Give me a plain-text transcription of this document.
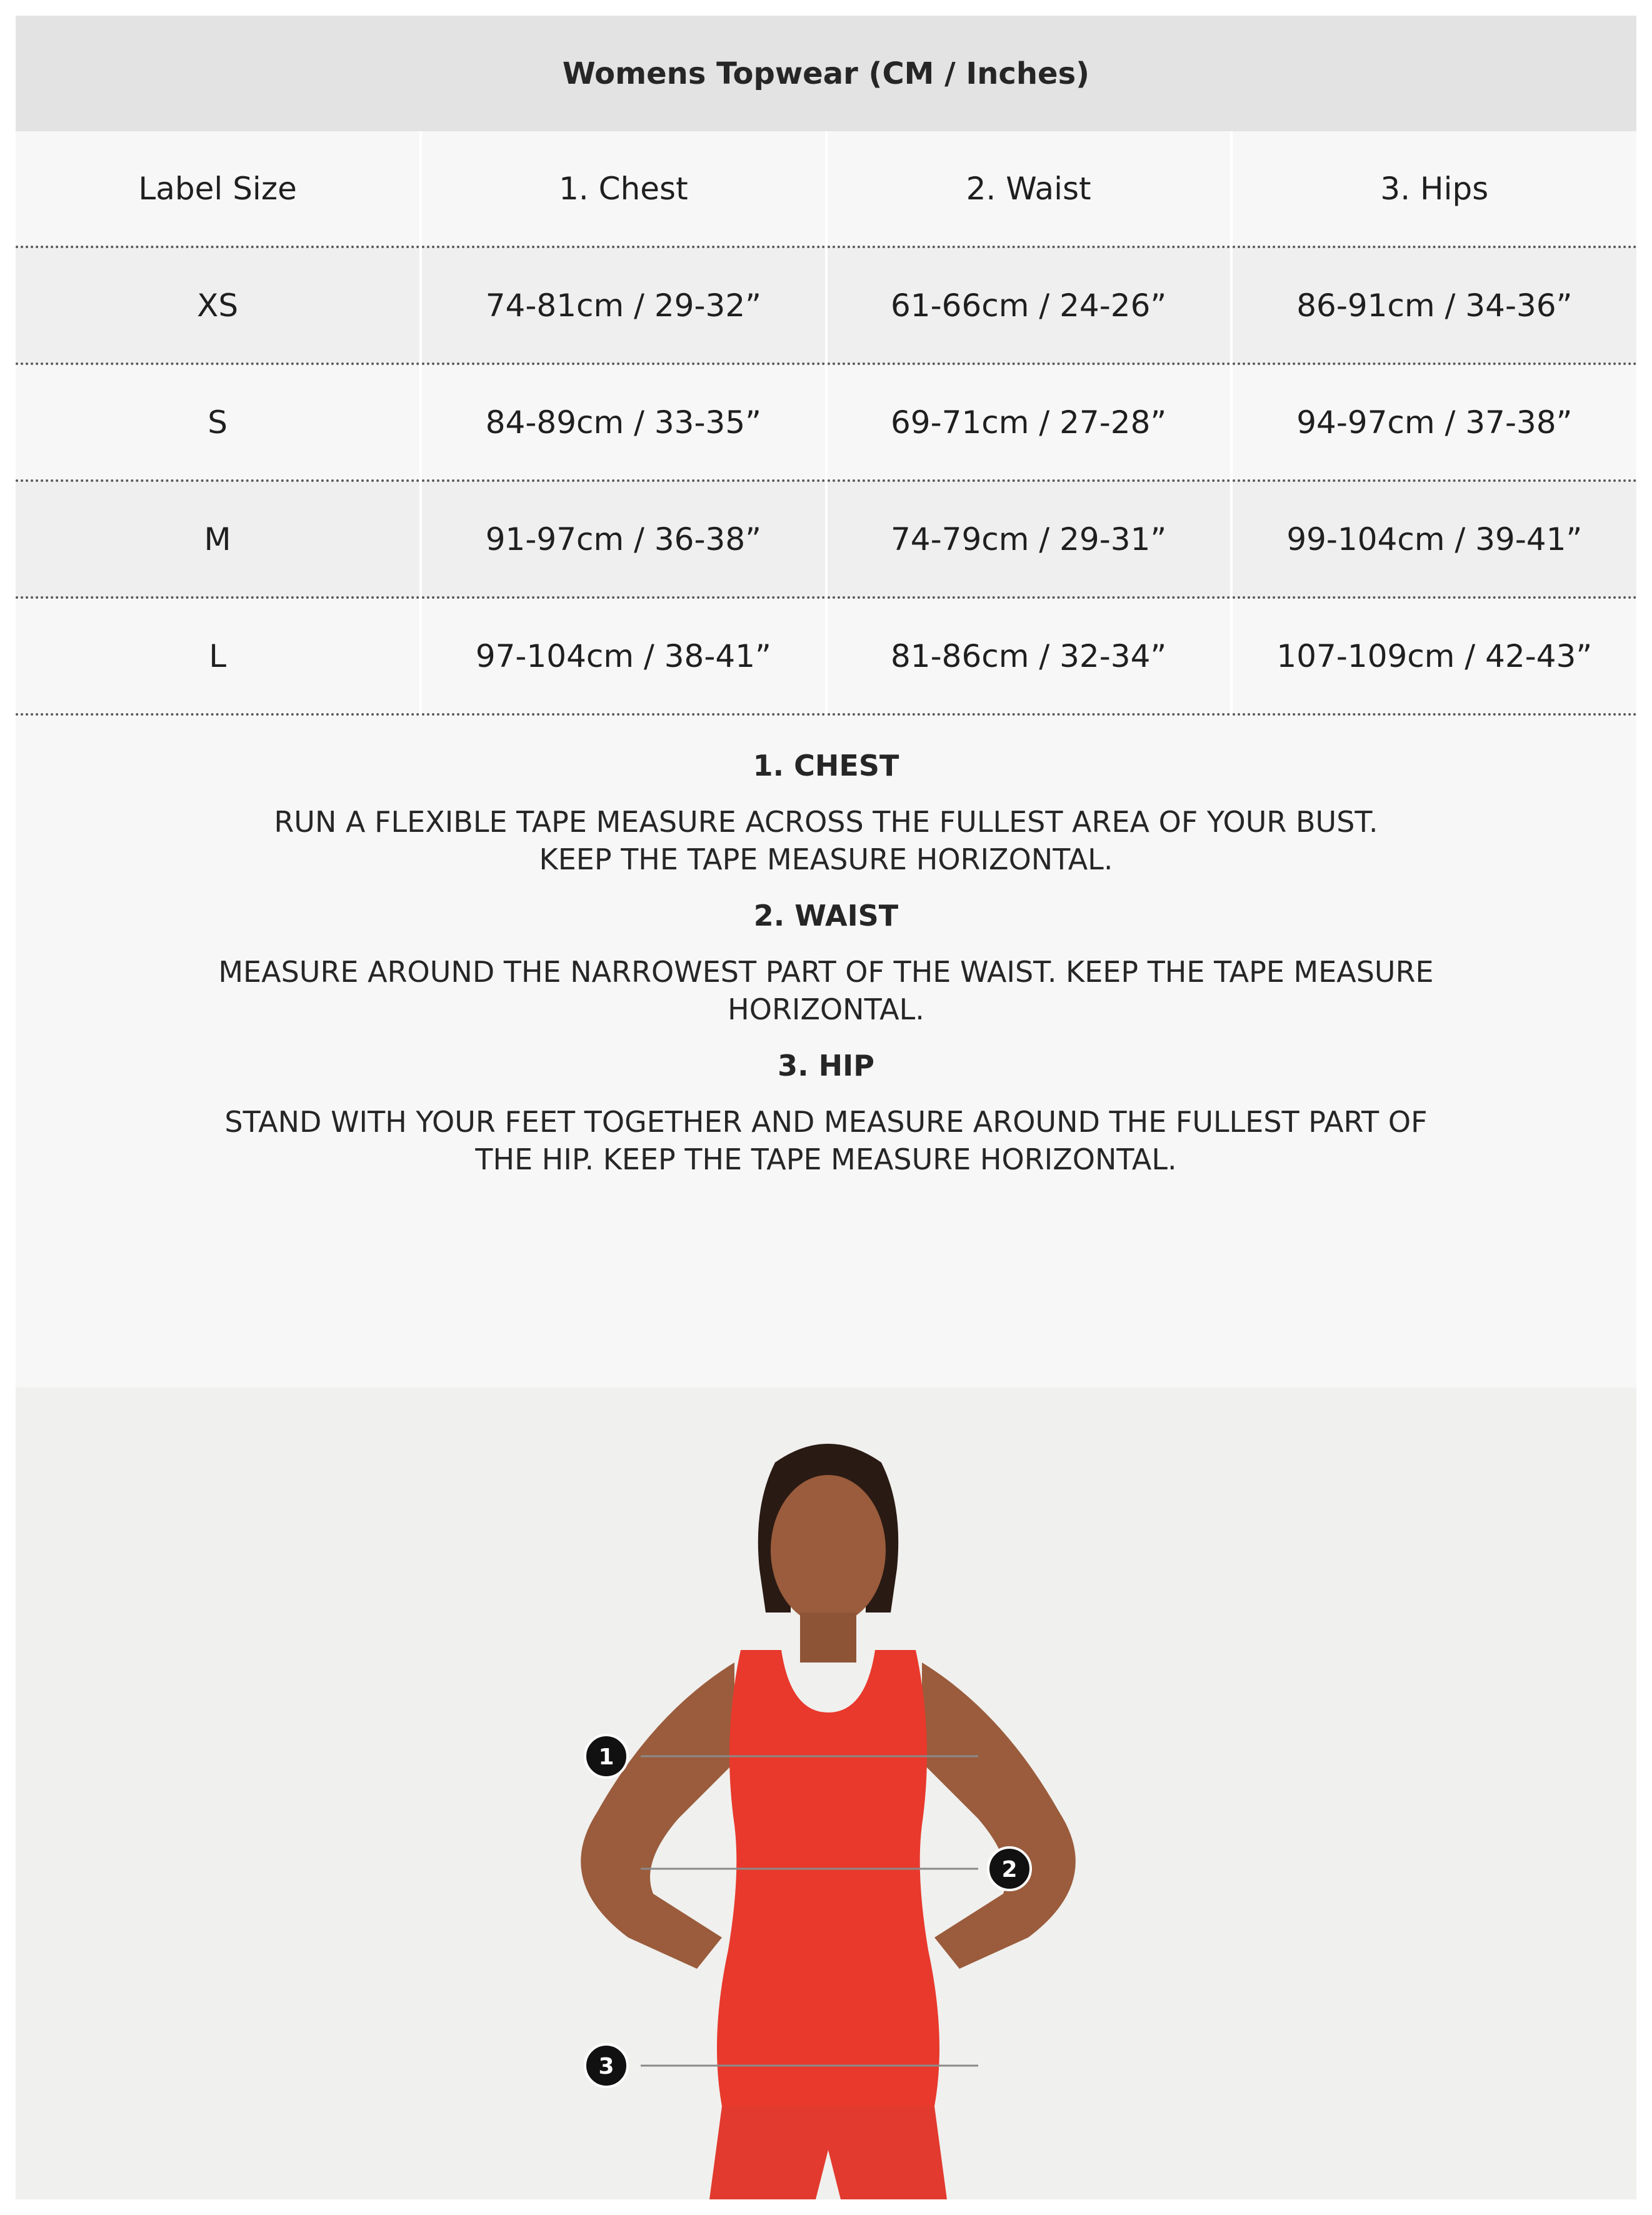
Womens Topwear (CM / Inches)
Label Size	1. Chest	2. Waist	3. Hips
XS	74-81cm / 29-32”	61-66cm / 24-26”	86-91cm / 34-36”
S	84-89cm / 33-35”	69-71cm / 27-28”	94-97cm / 37-38”
M	91-97cm / 36-38”	74-79cm / 29-31”	99-104cm / 39-41”
L	97-104cm / 38-41”	81-86cm / 32-34”	107-109cm / 42-43”

1. CHEST

RUN A FLEXIBLE TAPE MEASURE ACROSS THE FULLEST AREA OF YOUR BUST.

KEEP THE TAPE MEASURE HORIZONTAL.

2. WAIST

MEASURE AROUND THE NARROWEST PART OF THE WAIST. KEEP THE TAPE MEASURE

HORIZONTAL.

3. HIP

STAND WITH YOUR FEET TOGETHER AND MEASURE AROUND THE FULLEST PART OF

THE HIP. KEEP THE TAPE MEASURE HORIZONTAL.

1
2
3
